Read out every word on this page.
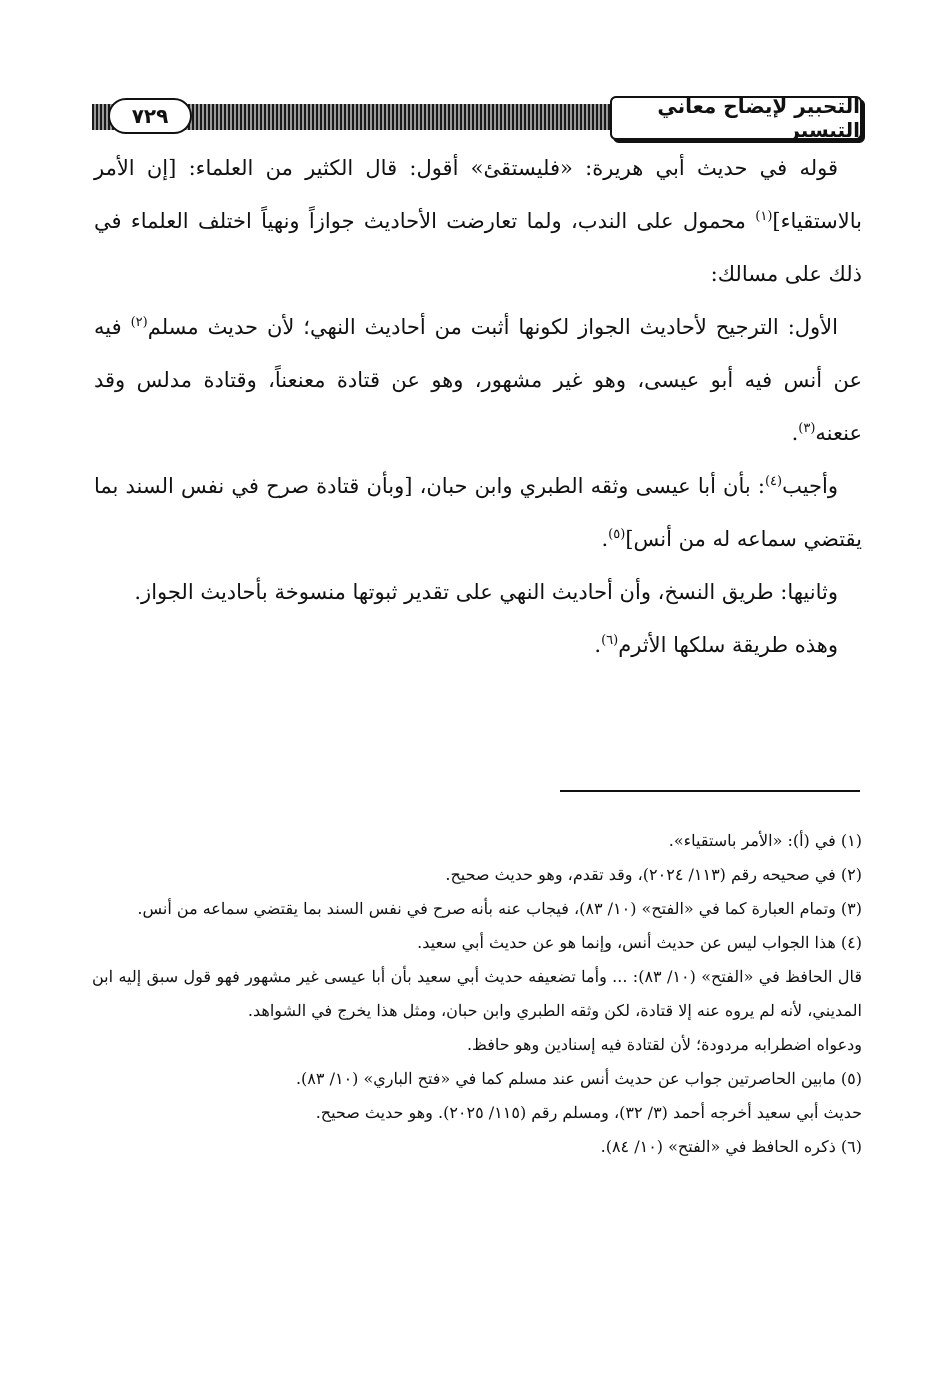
التحبير لإيضاح معاني التيسير
٧٢٩

قوله في حديث أبي هريرة: «فليستقئ» أقول: قال الكثير من العلماء: [إن الأمر بالاستقياء]$^{(١)}$ محمول على الندب، ولما تعارضت الأحاديث جوازاً ونهياً اختلف العلماء في ذلك على مسالك:

الأول: الترجيح لأحاديث الجواز لكونها أثبت من أحاديث النهي؛ لأن حديث مسلم$^{(٢)}$ فيه عن أنس فيه أبو عيسى، وهو غير مشهور، وهو عن قتادة معنعناً، وقتادة مدلس وقد عنعنه$^{(٣)}$.

وأجيب$^{(٤)}$: بأن أبا عيسى وثقه الطبري وابن حبان، [وبأن قتادة صرح في نفس السند بما يقتضي سماعه له من أنس]$^{(٥)}$.

وثانيها: طريق النسخ، وأن أحاديث النهي على تقدير ثبوتها منسوخة بأحاديث الجواز.

وهذه طريقة سلكها الأثرم$^{(٦)}$.

(١) في (أ): «الأمر باستقياء».

(٢) في صحيحه رقم (١١٣/ ٢٠٢٤)، وقد تقدم، وهو حديث صحيح.

(٣) وتمام العبارة كما في «الفتح» (١٠/ ٨٣)، فيجاب عنه بأنه صرح في نفس السند بما يقتضي سماعه من أنس.

(٤) هذا الجواب ليس عن حديث أنس، وإنما هو عن حديث أبي سعيد.

قال الحافظ في «الفتح» (١٠/ ٨٣): ... وأما تضعيفه حديث أبي سعيد بأن أبا عيسى غير مشهور فهو قول سبق إليه ابن المديني، لأنه لم يروه عنه إلا قتادة، لكن وثقه الطبري وابن حبان، ومثل هذا يخرج في الشواهد.

ودعواه اضطرابه مردودة؛ لأن لقتادة فيه إسنادين وهو حافظ.

(٥) مابين الحاصرتين جواب عن حديث أنس عند مسلم كما في «فتح الباري» (١٠/ ٨٣).

حديث أبي سعيد أخرجه أحمد (٣/ ٣٢)، ومسلم رقم (١١٥/ ٢٠٢٥). وهو حديث صحيح.

(٦) ذكره الحافظ في «الفتح» (١٠/ ٨٤).
